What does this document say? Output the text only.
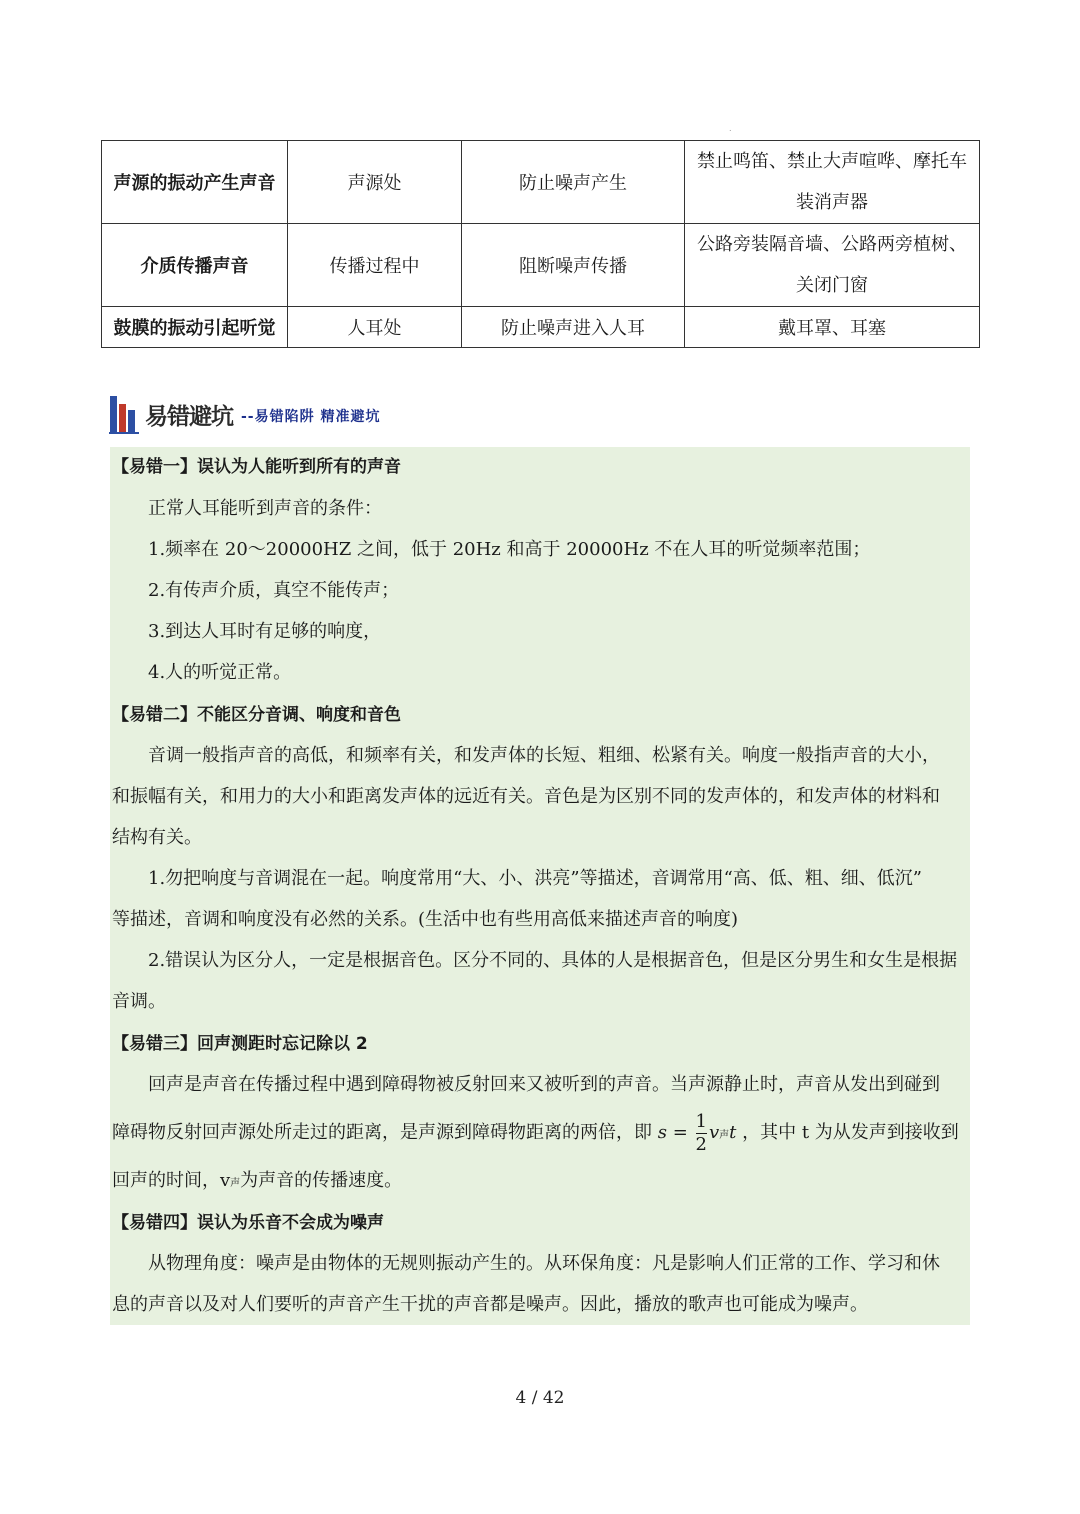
.
声源的振动产生声音	声源处	防止噪声产生	禁止鸣笛、禁止大声喧哗、摩托车
装消声器

介质传播声音	传播过程中	阻断噪声传播	公路旁装隔音墙、公路两旁植树、
关闭门窗

鼓膜的振动引起听觉	人耳处	防止噪声进入人耳	戴耳罩、耳塞
易错避坑 --易错陷阱 精准避坑
【易错一】误认为人能听到所有的声音
正常人耳能听到声音的条件：
1.频率在 20～20000HZ 之间，低于 20Hz 和高于 20000Hz 不在人耳的听觉频率范围；
2.有传声介质，真空不能传声；
3.到达人耳时有足够的响度，
4.人的听觉正常。
【易错二】不能区分音调、响度和音色
音调一般指声音的高低，和频率有关，和发声体的长短、粗细、松紧有关。响度一般指声音的大小，
和振幅有关，和用力的大小和距离发声体的远近有关。音色是为区别不同的发声体的，和发声体的材料和
结构有关。
1.勿把响度与音调混在一起。响度常用“大、小、洪亮”等描述，音调常用“高、低、粗、细、低沉”
等描述，音调和响度没有必然的关系。(生活中也有些用高低来描述声音的响度)
2.错误认为区分人，一定是根据音色。区分不同的、具体的人是根据音色，但是区分男生和女生是根据
音调。
【易错三】回声测距时忘记除以 2
回声是声音在传播过程中遇到障碍物被反射回来又被听到的声音。当声源静止时，声音从发出到碰到
障碍物反射回声源处所走过的距离，是声源到障碍物距离的两倍，即 $s = \frac{1}{2}$ v声t ，其中 t 为从发声到接收到
回声的时间，v声为声音的传播速度。
【易错四】误认为乐音不会成为噪声
从物理角度：噪声是由物体的无规则振动产生的。从环保角度：凡是影响人们正常的工作、学习和休
息的声音以及对人们要听的声音产生干扰的声音都是噪声。因此，播放的歌声也可能成为噪声。
4 / 42
